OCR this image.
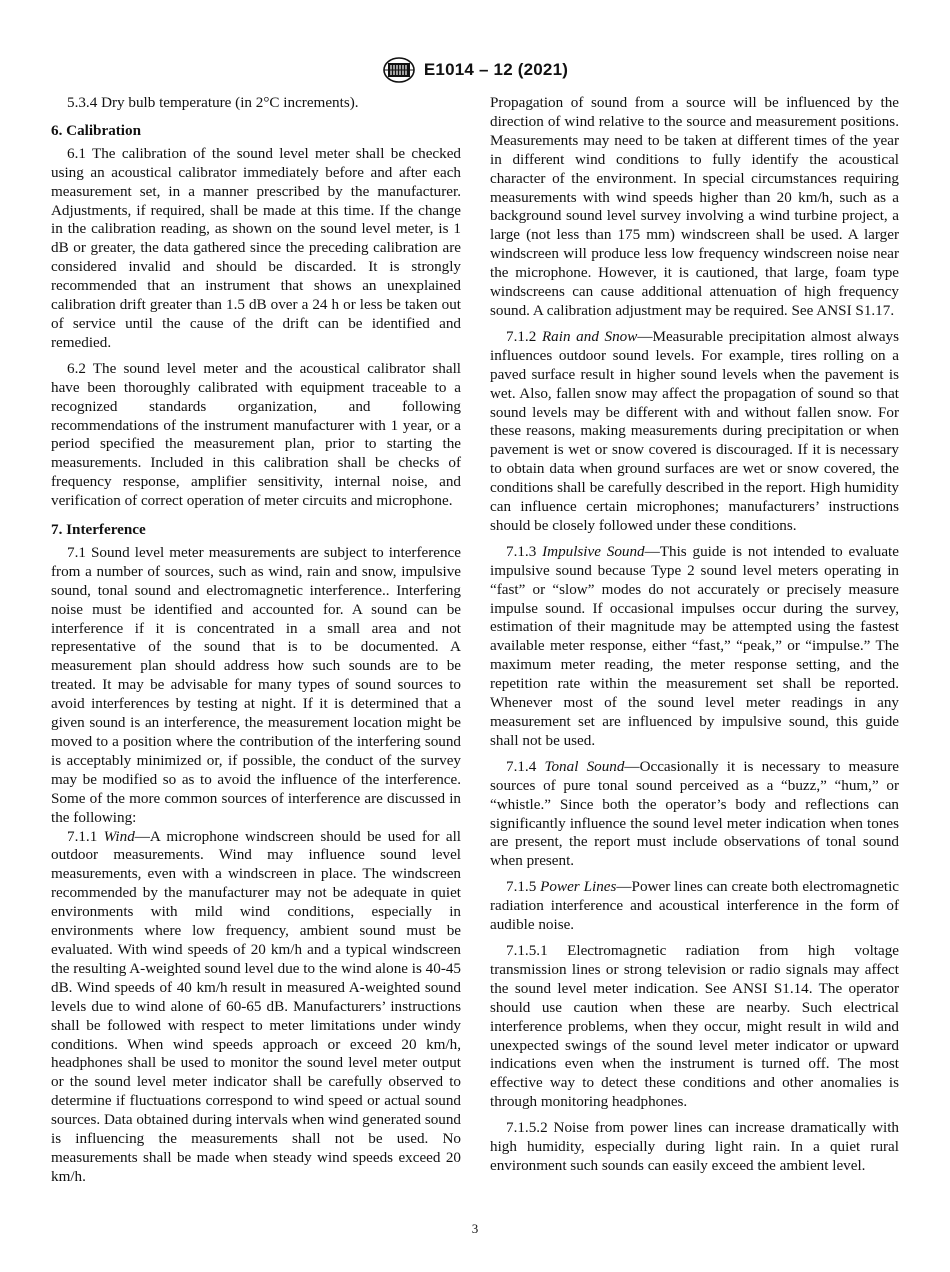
E1014 – 12 (2021)

5.3.4 Dry bulb temperature (in 2°C increments).

6. Calibration

6.1 The calibration of the sound level meter shall be checked using an acoustical calibrator immediately before and after each measurement set, in a manner prescribed by the manufacturer. Adjustments, if required, shall be made at this time. If the change in the calibration reading, as shown on the sound level meter, is 1 dB or greater, the data gathered since the preceding calibration are considered invalid and should be discarded. It is strongly recommended that an instrument that shows an unexplained calibration drift greater than 1.5 dB over a 24 h or less be taken out of service until the cause of the drift can be identified and remedied.

6.2 The sound level meter and the acoustical calibrator shall have been thoroughly calibrated with equipment traceable to a recognized standards organization, and following recommendations of the instrument manufacturer with 1 year, or a period specified the measurement plan, prior to starting the measurements. Included in this calibration shall be checks of frequency response, amplifier sensitivity, internal noise, and verification of correct operation of meter circuits and microphone.

7. Interference

7.1 Sound level meter measurements are subject to interference from a number of sources, such as wind, rain and snow, impulsive sound, tonal sound and electromagnetic interference.. Interfering noise must be identified and accounted for. A sound can be interference if it is concentrated in a small area and not representative of the sound that is to be documented. A measurement plan should address how such sounds are to be treated. It may be advisable for many types of sound sources to avoid interferences by testing at night. If it is determined that a given sound is an interference, the measurement location might be moved to a position where the contribution of the interfering sound is acceptably minimized or, if possible, the conduct of the survey may be modified so as to avoid the influence of the interference. Some of the more common sources of interference are discussed in the following:

7.1.1 Wind—A microphone windscreen should be used for all outdoor measurements. Wind may influence sound level measurements, even with a windscreen in place. The windscreen recommended by the manufacturer may not be adequate in quiet environments with mild wind conditions, especially in environments where low frequency, ambient sound must be evaluated. With wind speeds of 20 km/h and a typical windscreen the resulting A-weighted sound level due to the wind alone is 40-45 dB. Wind speeds of 40 km/h result in measured A-weighted sound levels due to wind alone of 60-65 dB. Manufacturers’ instructions shall be followed with respect to meter limitations under windy conditions. When wind speeds approach or exceed 20 km/h, headphones shall be used to monitor the sound level meter output or the sound level meter indicator shall be carefully observed to determine if fluctuations correspond to wind speed or actual sound sources. Data obtained during intervals when wind generated sound is influencing the measurements shall not be used. No measurements shall be made when steady wind speeds exceed 20 km/h.

Propagation of sound from a source will be influenced by the direction of wind relative to the source and measurement positions. Measurements may need to be taken at different times of the year in different wind conditions to fully identify the acoustical character of the environment. In special circumstances requiring measurements with wind speeds higher than 20 km/h, such as a background sound level survey involving a wind turbine project, a large (not less than 175 mm) windscreen shall be used. A larger windscreen will produce less low frequency windscreen noise near the microphone. However, it is cautioned, that large, foam type windscreens can cause additional attenuation of high frequency sound. A calibration adjustment may be required. See ANSI S1.17.

7.1.2 Rain and Snow—Measurable precipitation almost always influences outdoor sound levels. For example, tires rolling on a paved surface result in higher sound levels when the pavement is wet. Also, fallen snow may affect the propagation of sound so that sound levels may be different with and without fallen snow. For these reasons, making measurements during precipitation or when pavement is wet or snow covered is discouraged. If it is necessary to obtain data when ground surfaces are wet or snow covered, the conditions shall be carefully described in the report. High humidity can influence certain microphones; manufacturers’ instructions should be closely followed under these conditions.

7.1.3 Impulsive Sound—This guide is not intended to evaluate impulsive sound because Type 2 sound level meters operating in “fast” or “slow” modes do not accurately or precisely measure impulse sound. If occasional impulses occur during the survey, estimation of their magnitude may be attempted using the fastest available meter response, either “fast,” “peak,” or “impulse.” The maximum meter reading, the meter response setting, and the repetition rate within the measurement set shall be reported. Whenever most of the sound level meter readings in any measurement set are influenced by impulsive sound, this guide shall not be used.

7.1.4 Tonal Sound—Occasionally it is necessary to measure sources of pure tonal sound perceived as a “buzz,” “hum,” or “whistle.” Since both the operator’s body and reflections can significantly influence the sound level meter indication when tones are present, the report must include observations of tonal sound when present.

7.1.5 Power Lines—Power lines can create both electromagnetic radiation interference and acoustical interference in the form of audible noise.

7.1.5.1 Electromagnetic radiation from high voltage transmission lines or strong television or radio signals may affect the sound level meter indication. See ANSI S1.14. The operator should use caution when these are nearby. Such electrical interference problems, when they occur, might result in wild and unexpected swings of the sound level meter indicator or upward indications even when the instrument is turned off. The most effective way to detect these conditions and other anomalies is through monitoring headphones.

7.1.5.2 Noise from power lines can increase dramatically with high humidity, especially during light rain. In a quiet rural environment such sounds can easily exceed the ambient level.

3
